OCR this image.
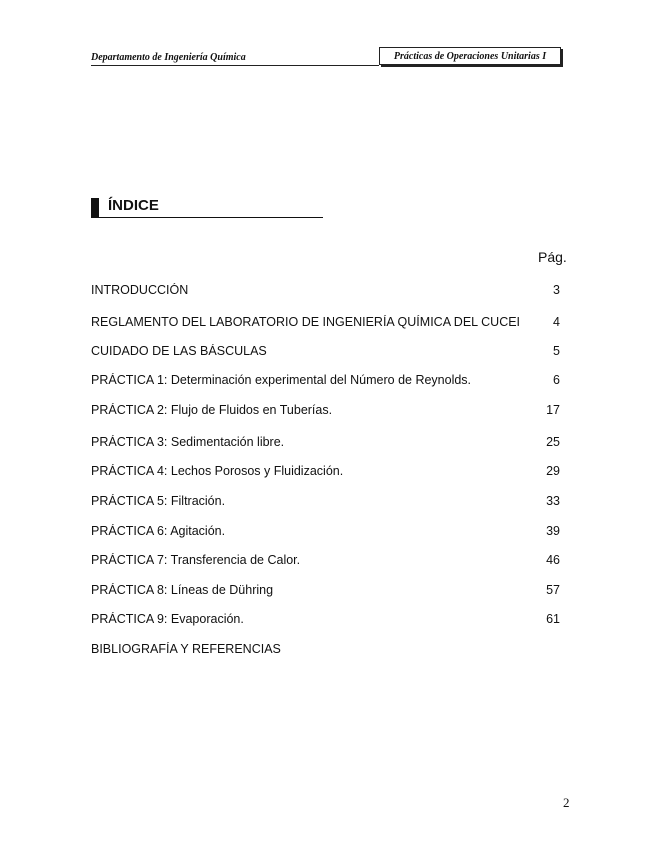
Departamento de Ingeniería Química	Prácticas de Operaciones Unitarias I
ÍNDICE
Pág.
INTRODUCCIÓN	3
REGLAMENTO DEL LABORATORIO DE INGENIERÍA QUÍMICA DEL CUCEI	4
CUIDADO DE LAS BÁSCULAS	5
PRÁCTICA 1: Determinación experimental del Número de Reynolds.	6
PRÁCTICA 2: Flujo de Fluidos en Tuberías.	17
PRÁCTICA 3: Sedimentación libre.	25
PRÁCTICA 4: Lechos Porosos y Fluidización.	29
PRÁCTICA 5: Filtración.	33
PRÁCTICA 6: Agitación.	39
PRÁCTICA 7: Transferencia de Calor.	46
PRÁCTICA 8: Líneas de Dühring	57
PRÁCTICA 9: Evaporación.	61
BIBLIOGRAFÍA Y REFERENCIAS
2
